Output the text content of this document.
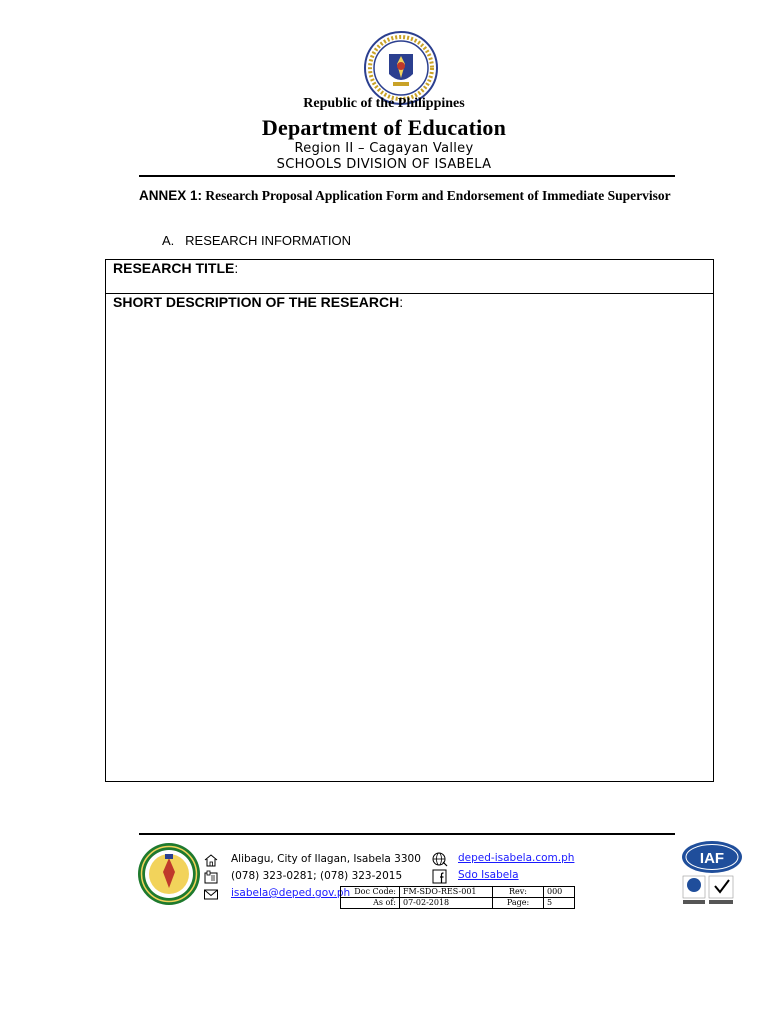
Republic of the Philippines
Department of Education
Region II – Cagayan Valley
SCHOOLS DIVISION OF ISABELA
ANNEX 1: Research Proposal Application Form and Endorsement of Immediate Supervisor
A. RESEARCH INFORMATION
RESEARCH TITLE:
SHORT DESCRIPTION OF THE RESEARCH:
Alibagu, City of Ilagan, Isabela 3300
(078) 323-0281; (078) 323-2015
isabela@deped.gov.ph
deped-isabela.com.ph
Sdo Isabela
Doc Code:	FM-SDO-RES-001	Rev:	000
As of:	07-02-2018	Page:	5
IAF
